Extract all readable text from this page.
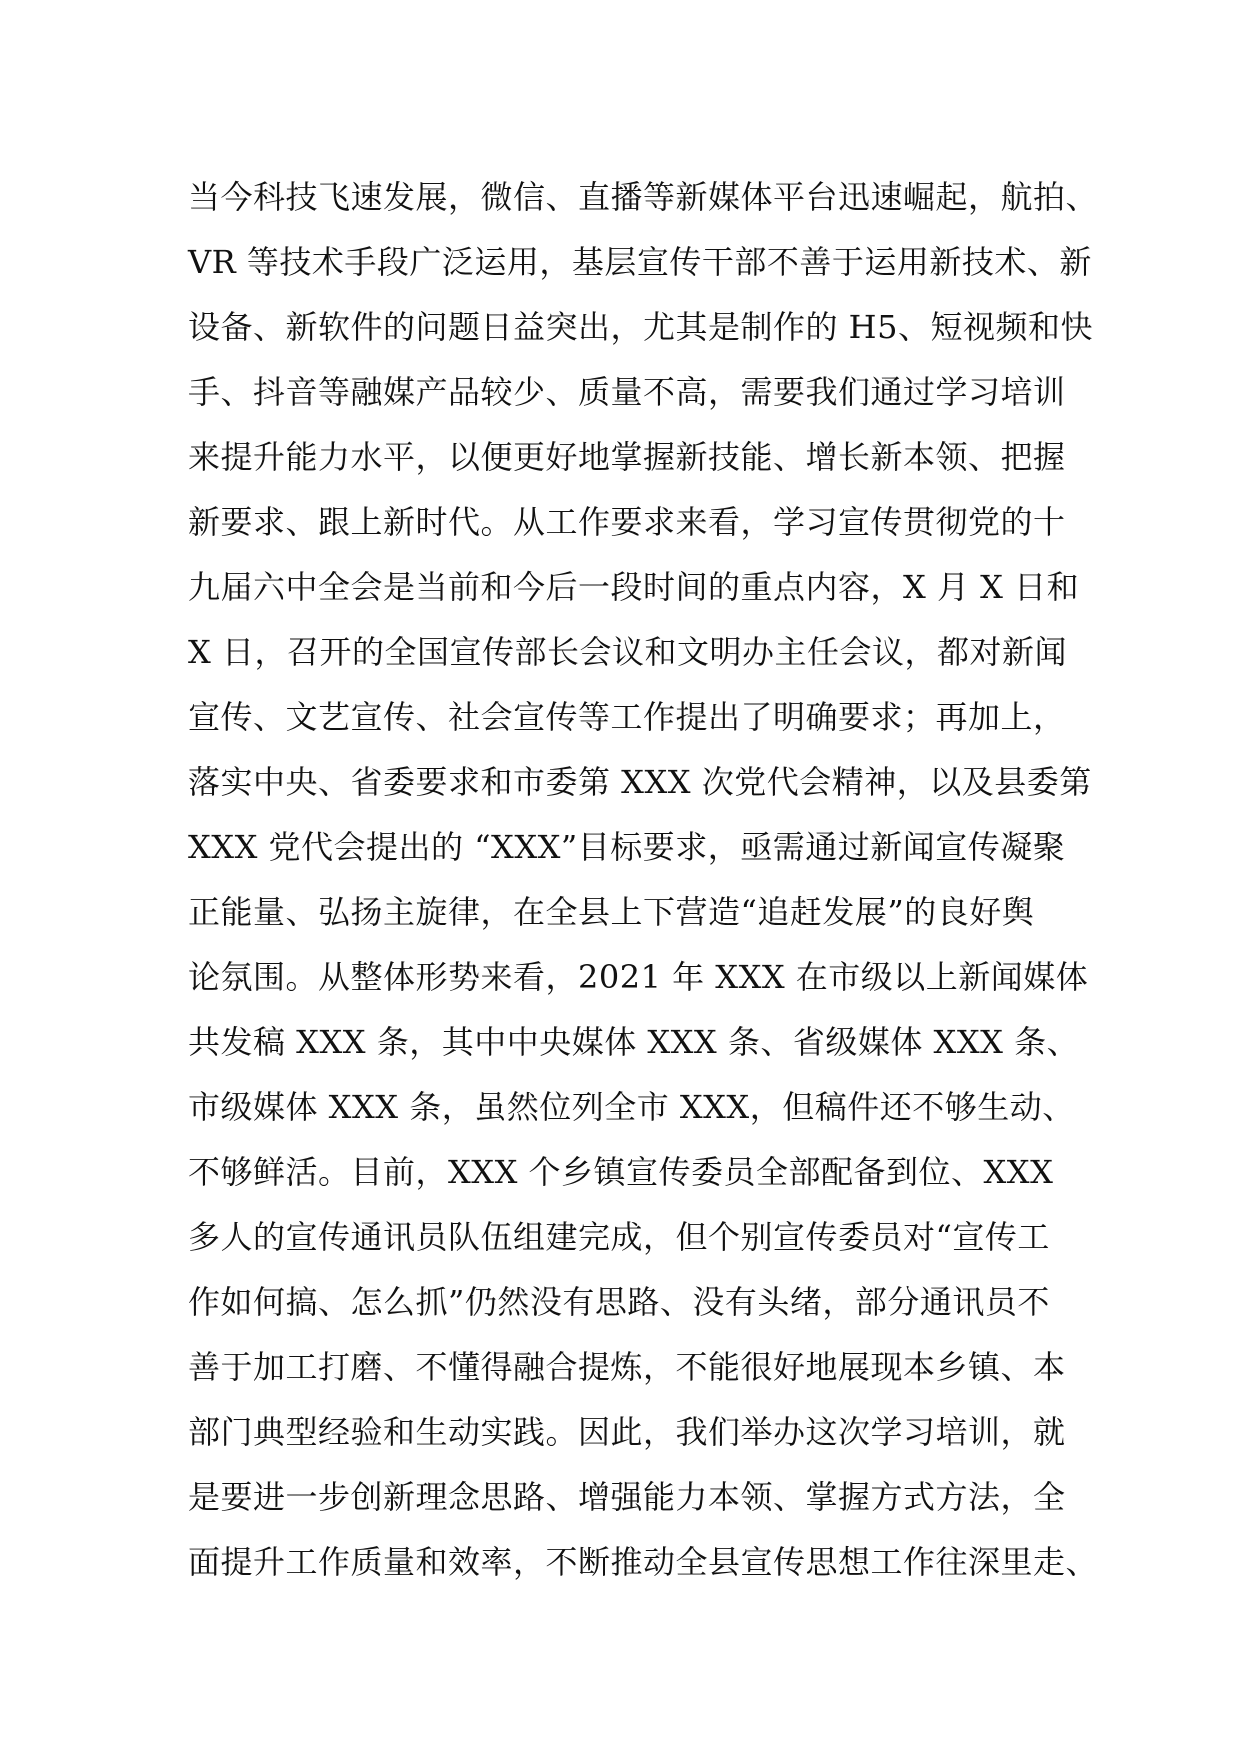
当今科技飞速发展，微信、直播等新媒体平台迅速崛起，航拍、
VR 等技术手段广泛运用，基层宣传干部不善于运用新技术、新
设备、新软件的问题日益突出，尤其是制作的 H5、短视频和快
手、抖音等融媒产品较少、质量不高，需要我们通过学习培训
来提升能力水平，以便更好地掌握新技能、增长新本领、把握
新要求、跟上新时代。从工作要求来看，学习宣传贯彻党的十
九届六中全会是当前和今后一段时间的重点内容，X 月 X 日和
X 日，召开的全国宣传部长会议和文明办主任会议，都对新闻
宣传、文艺宣传、社会宣传等工作提出了明确要求；再加上，
落实中央、省委要求和市委第 XXX 次党代会精神，以及县委第
XXX 党代会提出的 “XXX”目标要求，亟需通过新闻宣传凝聚
正能量、弘扬主旋律，在全县上下营造“追赶发展”的良好舆
论氛围。从整体形势来看，2021 年 XXX 在市级以上新闻媒体
共发稿 XXX 条，其中中央媒体 XXX 条、省级媒体 XXX 条、
市级媒体 XXX 条，虽然位列全市 XXX，但稿件还不够生动、
不够鲜活。目前，XXX 个乡镇宣传委员全部配备到位、XXX
多人的宣传通讯员队伍组建完成，但个别宣传委员对“宣传工
作如何搞、怎么抓”仍然没有思路、没有头绪，部分通讯员不
善于加工打磨、不懂得融合提炼，不能很好地展现本乡镇、本
部门典型经验和生动实践。因此，我们举办这次学习培训，就
是要进一步创新理念思路、增强能力本领、掌握方式方法，全
面提升工作质量和效率，不断推动全县宣传思想工作往深里走、
